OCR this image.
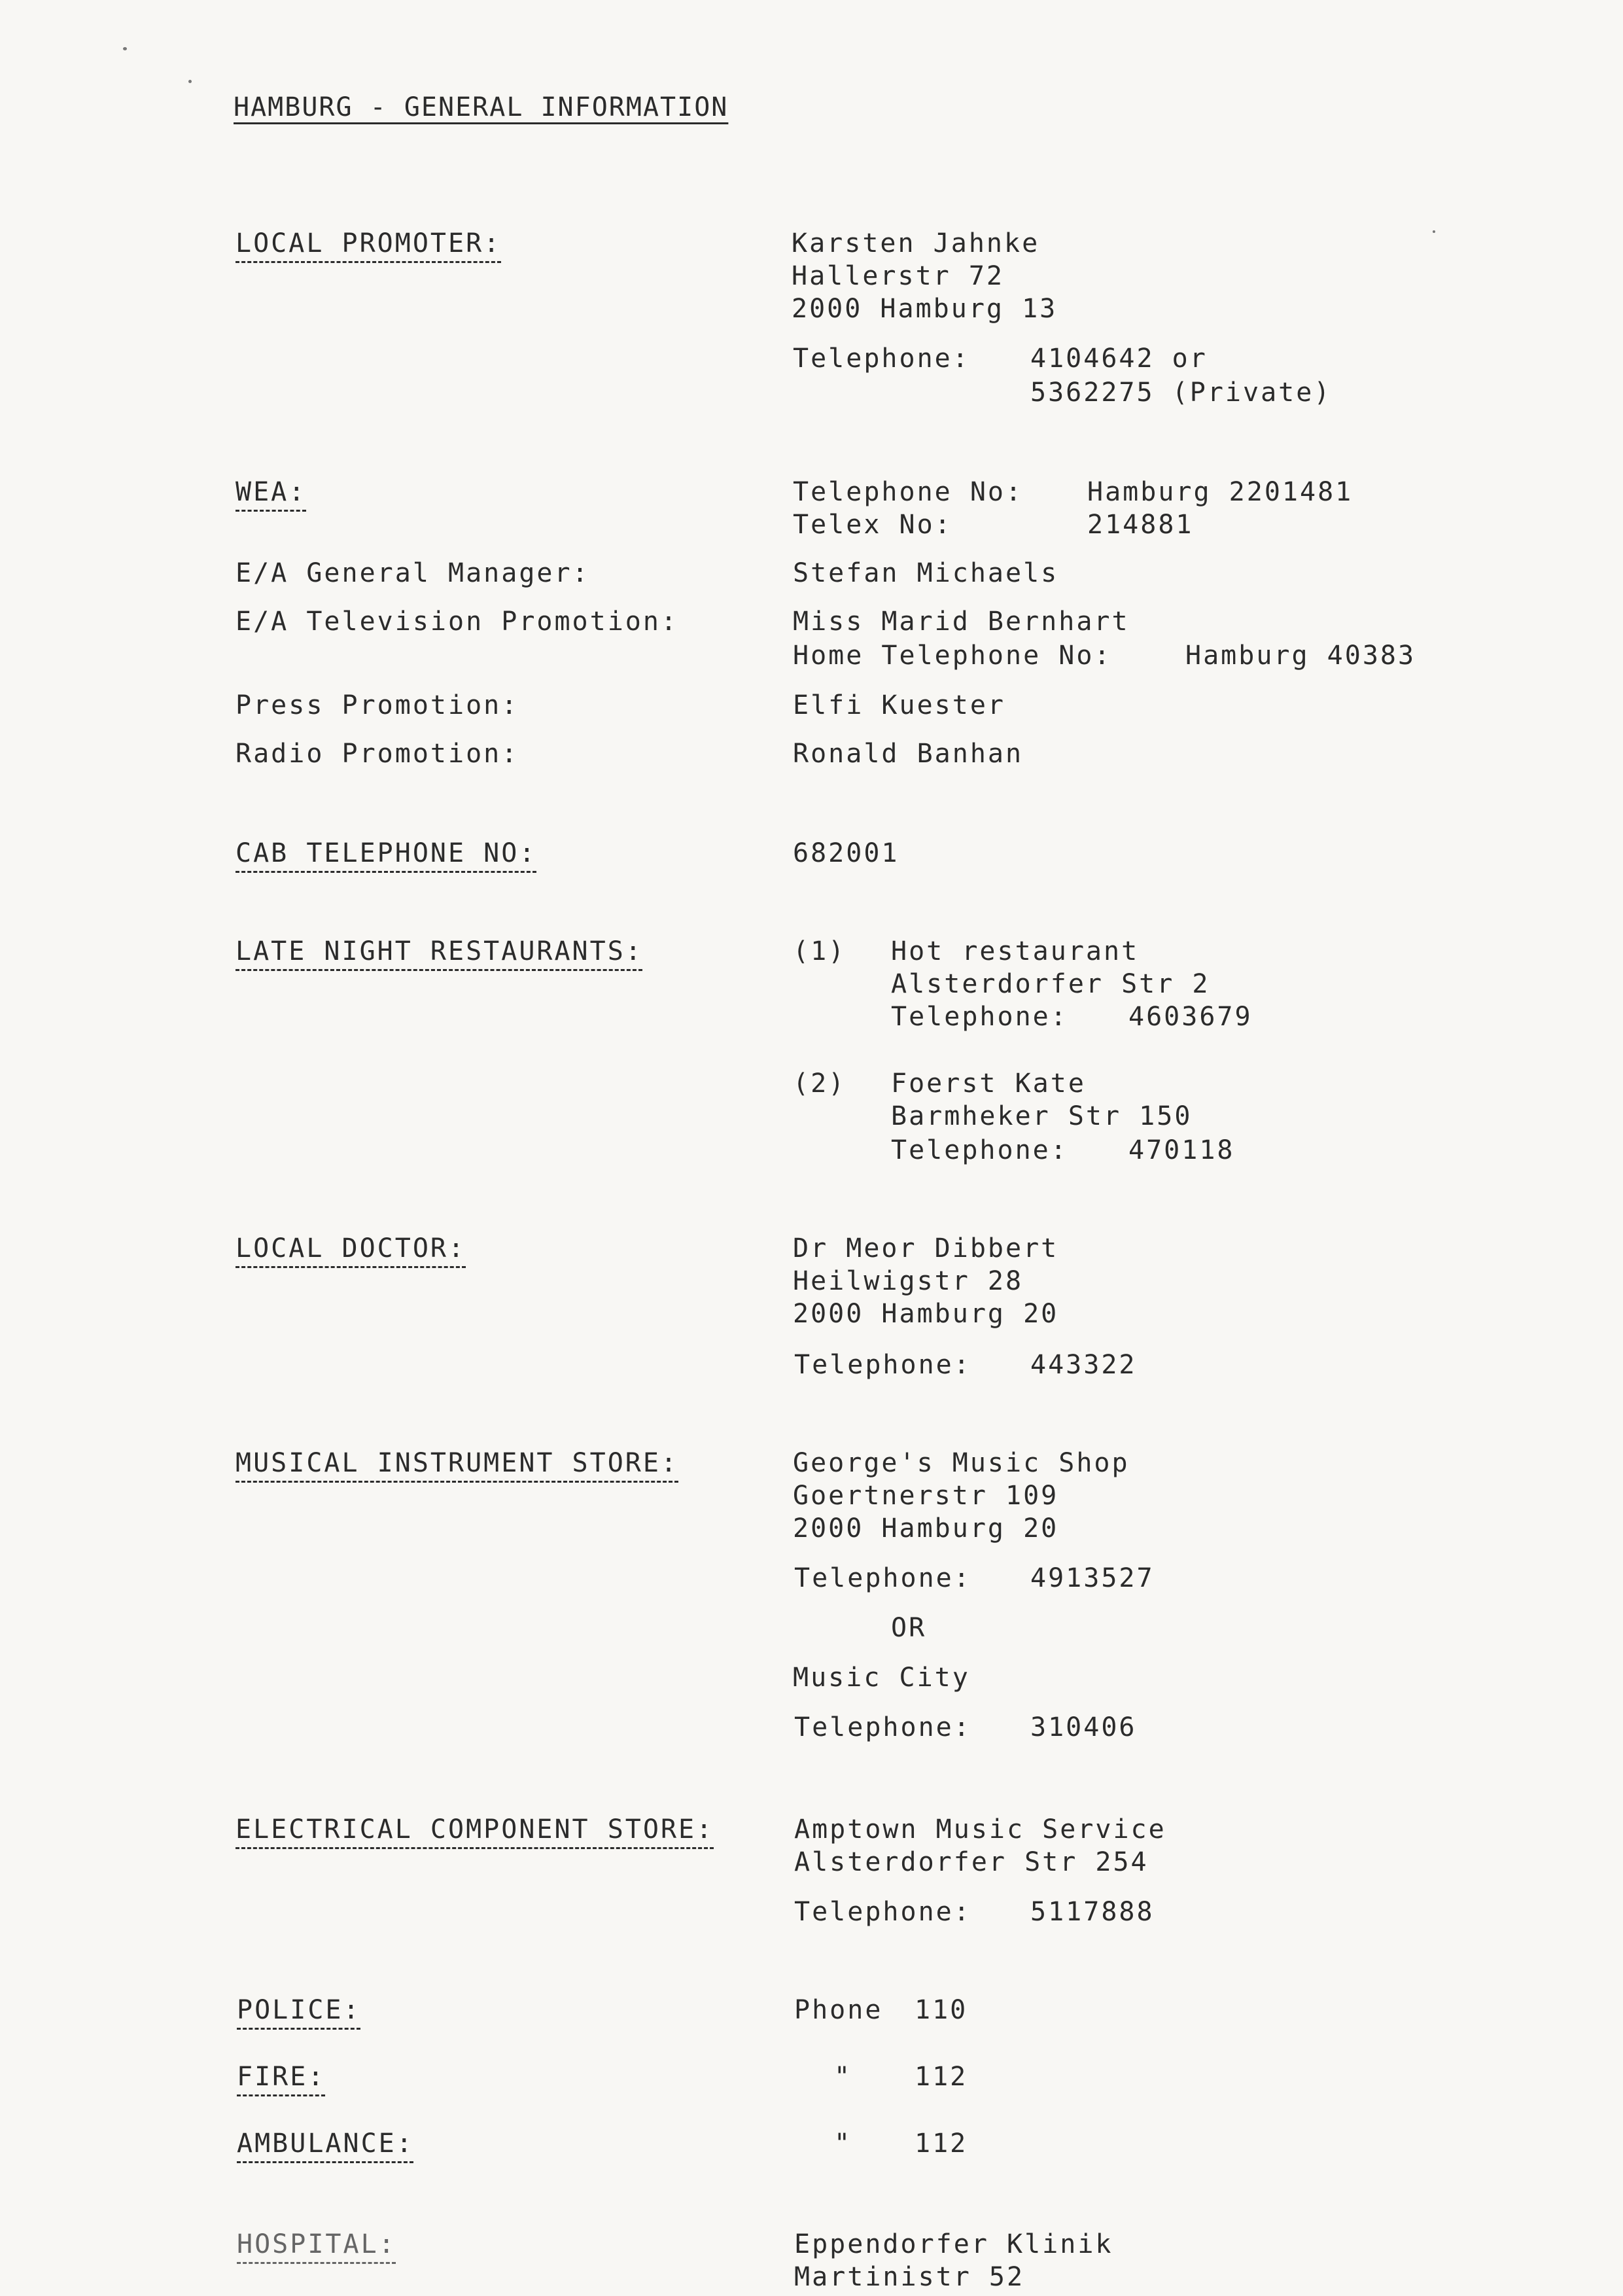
HAMBURG - GENERAL INFORMATION
LOCAL PROMOTER:	Karsten Jahnke
Hallerstr 72
2000 Hamburg 13
Telephone: 4104642 or
5362275 (Private)
WEA:	Telephone No: Hamburg 2201481
Telex No:	214881
E/A General Manager:	Stefan Michaels
E/A Television Promotion:	Miss Marid Bernhart
Home Telephone No:	Hamburg 40383
Press Promotion:	Elfi Kuester
Radio Promotion:	Ronald Banhan
CAB TELEPHONE NO:	682001
LATE NIGHT RESTAURANTS:	(1) Hot restaurant
Alsterdorfer Str 2
Telephone: 4603679
(2) Foerst Kate
Barmheker Str 150
Telephone: 470118
LOCAL DOCTOR:	Dr Meor Dibbert
Heilwigstr 28
2000 Hamburg 20
Telephone: 443322
MUSICAL INSTRUMENT STORE:	George's Music Shop
Goertnerstr 109
2000 Hamburg 20
Telephone: 4913527
OR
Music City
Telephone: 310406
ELECTRICAL COMPONENT STORE:	Amptown Music Service
Alsterdorfer Str 254
Telephone: 5117888
POLICE:	Phone 110
FIRE:	" 112
AMBULANCE:	" 112
HOSPITAL:	Eppendorfer Klinik
Martinistr 52
